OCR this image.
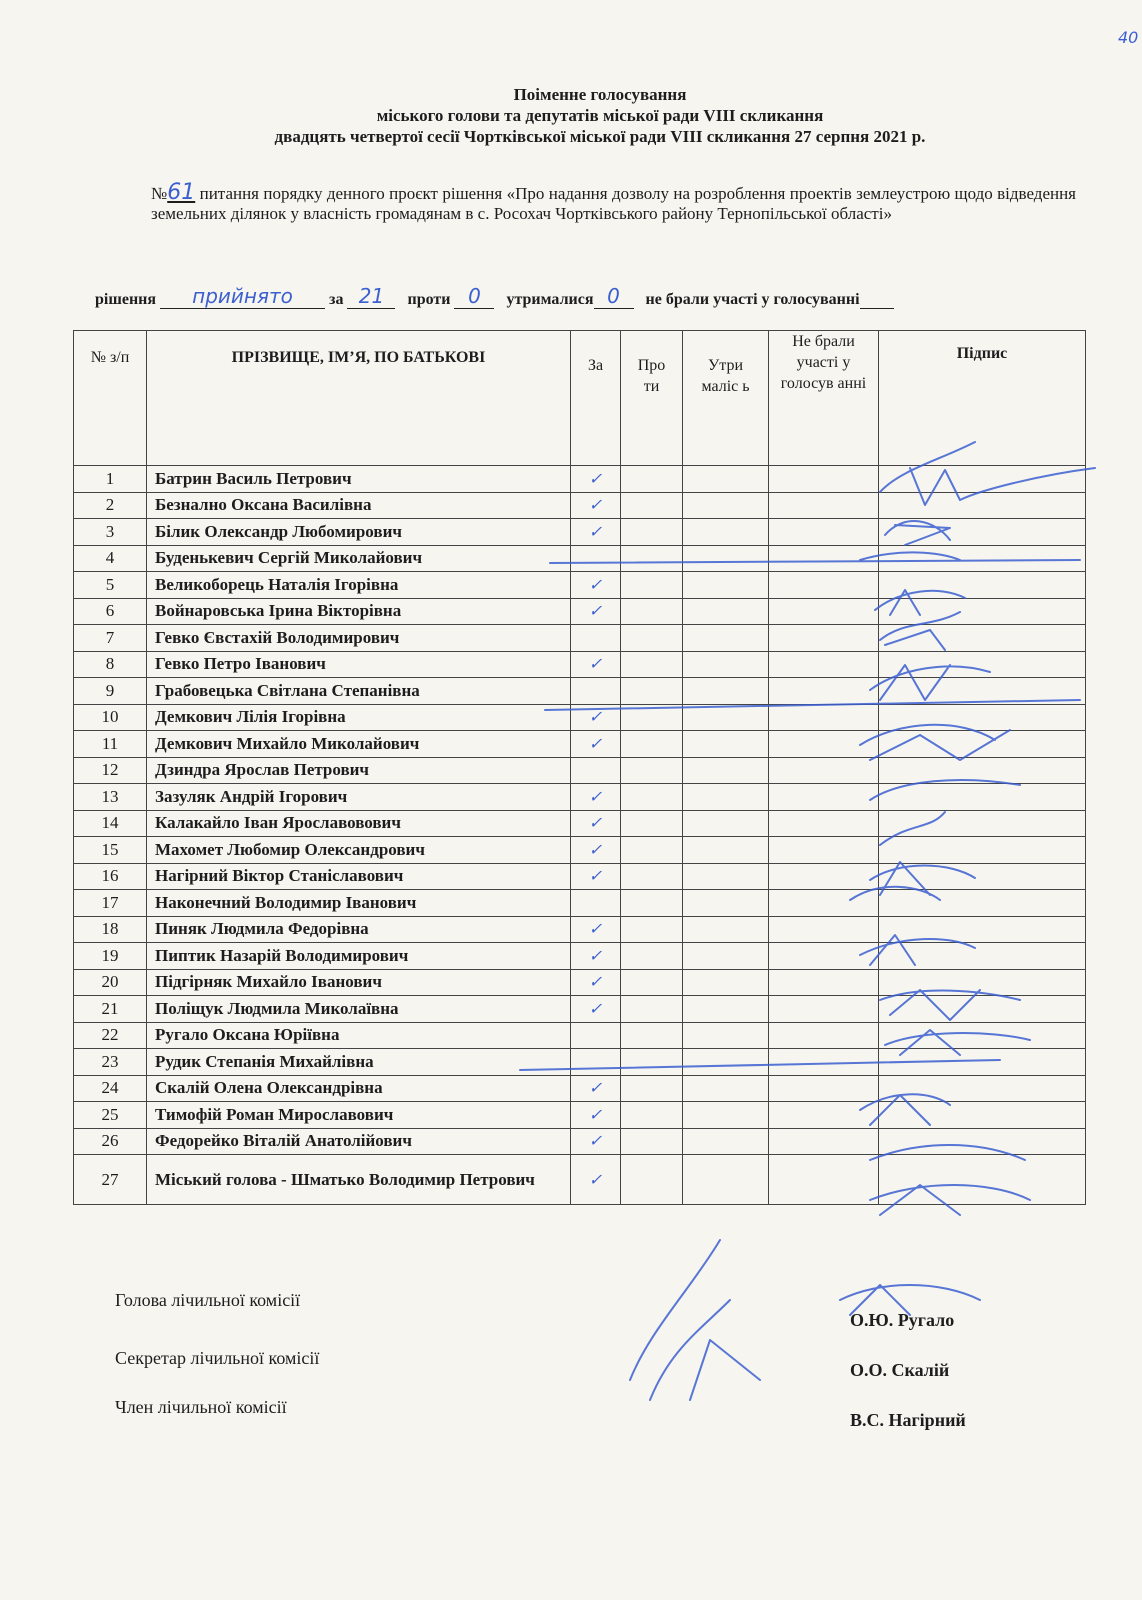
40
Поіменне голосування
міського голови та депутатів міської ради VIII скликання
двадцять четвертої сесії Чортківської міської ради VIII скликання 27 серпня 2021 р.
№61 питання порядку денного проєкт рішення «Про надання дозволу на розроблення проектів землеустрою щодо відведення земельних ділянок у власність громадянам в с. Росохач Чортківського району Тернопільської області»
рішення прийнято за 21 проти 0 утрималися 0 не брали участі у голосуванні
№ з/п	ПРІЗВИЩЕ, ІМ’Я, ПО БАТЬКОВІ	За	Про ти	Утри маліс ь	Не брали участі у голосув анні	Підпис
1	Батрин Василь Петрович	✓				
2	Безнално Оксана Василівна	✓				
3	Білик Олександр Любомирович	✓				
4	Буденькевич Сергій Миколайович					
5	Великоборець Наталія Ігорівна	✓				
6	Войнаровська Ірина Вікторівна	✓				
7	Гевко Євстахій Володимирович					
8	Гевко Петро Іванович	✓				
9	Грабовецька Світлана Степанівна					
10	Демкович Лілія Ігорівна	✓				
11	Демкович Михайло Миколайович	✓				
12	Дзиндра Ярослав Петрович					
13	Зазуляк Андрій Ігорович	✓				
14	Калакайло Іван Ярославовович	✓				
15	Махомет Любомир Олександрович	✓				
16	Нагірний Віктор Станіславович	✓				
17	Наконечний Володимир Іванович					
18	Пиняк Людмила Федорівна	✓				
19	Пиптик Назарій Володимирович	✓				
20	Підгірняк Михайло Іванович	✓				
21	Поліщук Людмила Миколаївна	✓				
22	Ругало Оксана Юріївна					
23	Рудик Степанія Михайлівна					
24	Скалій Олена Олександрівна	✓				
25	Тимофій Роман Мирославович	✓				
26	Федорейко Віталій Анатолійович	✓				
27	Міський голова - Шматько Володимир Петрович	✓				
Голова лічильної комісії
О.Ю. Ругало
Секретар лічильної комісії
О.О. Скалій
Член лічильної комісії
В.С. Нагірний
